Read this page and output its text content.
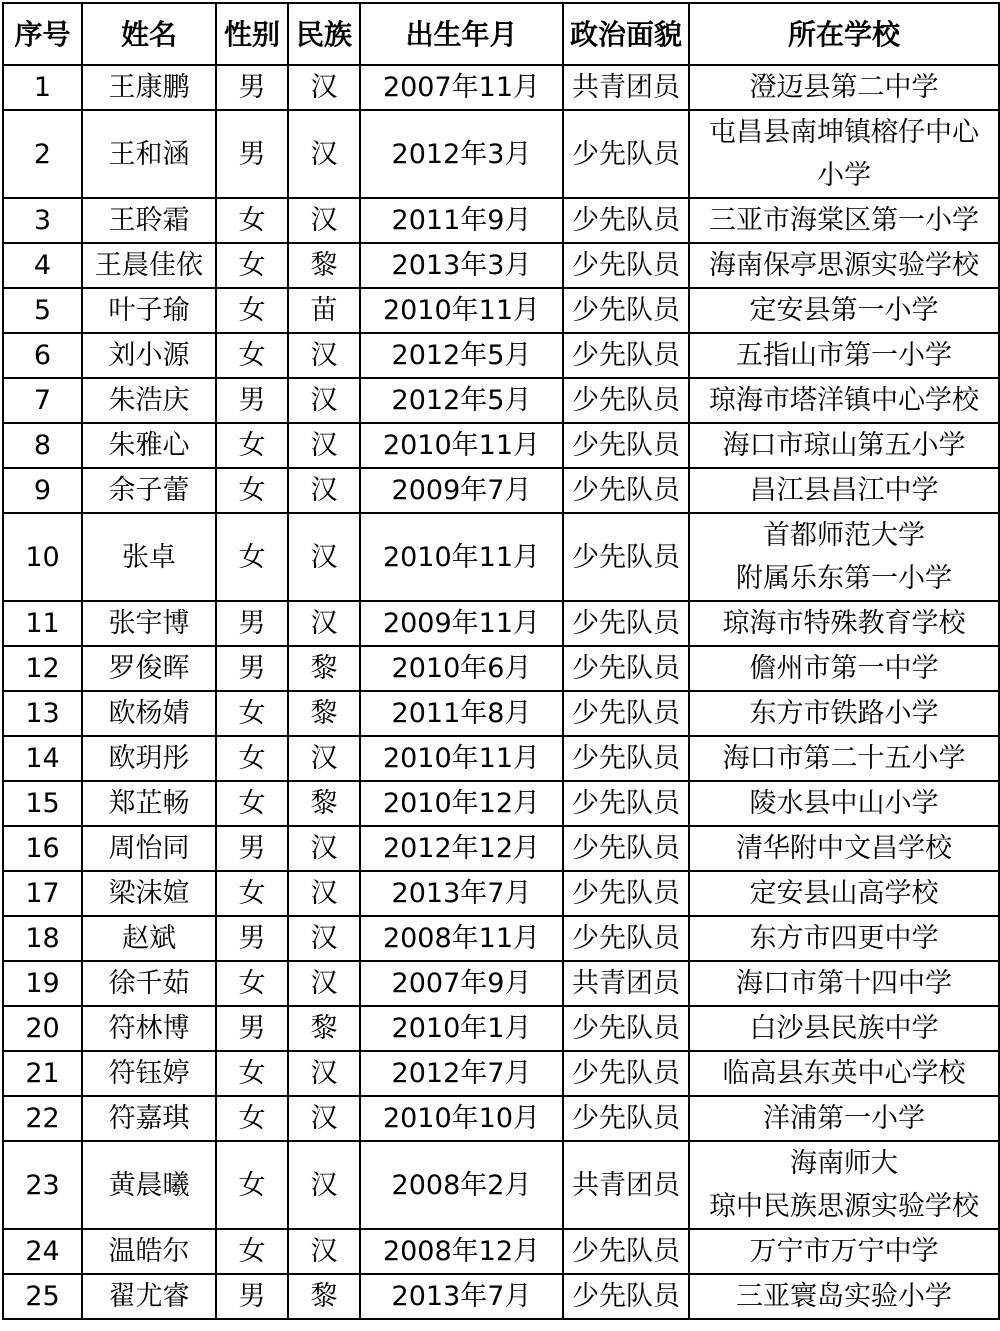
序号	姓名	性别	民族	出生年月	政治面貌	所在学校
1	王康鹏	男	汉	2007年11月	共青团员	澄迈县第二中学

2	王和涵	男	汉	2012年3月	少先队员	屯昌县南坤镇榕仔中心
小学

3	王聆霜	女	汉	2011年9月	少先队员	三亚市海棠区第一小学

4	王晨佳依	女	黎	2013年3月	少先队员	海南保亭思源实验学校

5	叶子瑜	女	苗	2010年11月	少先队员	定安县第一小学

6	刘小源	女	汉	2012年5月	少先队员	五指山市第一小学

7	朱浩庆	男	汉	2012年5月	少先队员	琼海市塔洋镇中心学校

8	朱雅心	女	汉	2010年11月	少先队员	海口市琼山第五小学

9	余子蕾	女	汉	2009年7月	少先队员	昌江县昌江中学

10	张卓	女	汉	2010年11月	少先队员	首都师范大学
附属乐东第一小学

11	张宇博	男	汉	2009年11月	少先队员	琼海市特殊教育学校

12	罗俊晖	男	黎	2010年6月	少先队员	儋州市第一中学

13	欧杨婧	女	黎	2011年8月	少先队员	东方市铁路小学

14	欧玥彤	女	汉	2010年11月	少先队员	海口市第二十五小学

15	郑芷畅	女	黎	2010年12月	少先队员	陵水县中山小学

16	周怡同	男	汉	2012年12月	少先队员	清华附中文昌学校

17	梁沫媗	女	汉	2013年7月	少先队员	定安县山高学校

18	赵斌	男	汉	2008年11月	少先队员	东方市四更中学

19	徐千茹	女	汉	2007年9月	共青团员	海口市第十四中学

20	符林博	男	黎	2010年1月	少先队员	白沙县民族中学

21	符钰婷	女	汉	2012年7月	少先队员	临高县东英中心学校

22	符嘉琪	女	汉	2010年10月	少先队员	洋浦第一小学

23	黄晨曦	女	汉	2008年2月	共青团员	海南师大
琼中民族思源实验学校

24	温皓尔	女	汉	2008年12月	少先队员	万宁市万宁中学

25	翟尤睿	男	黎	2013年7月	少先队员	三亚寰岛实验小学
